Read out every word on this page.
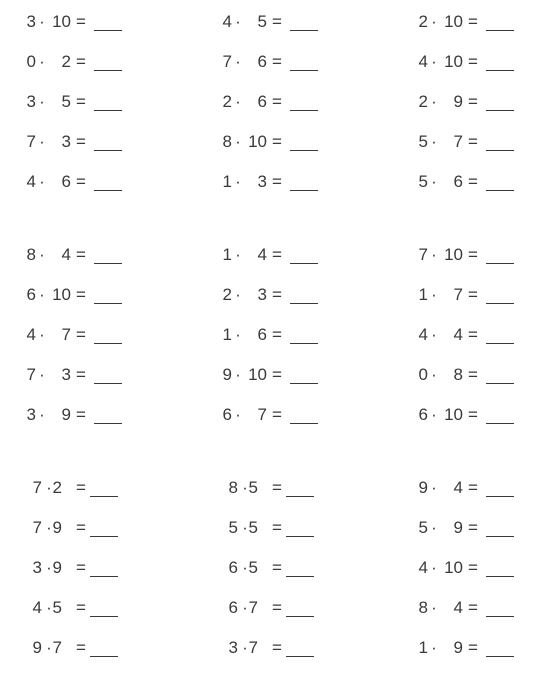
3 · 10 =
0 · 2 =
3 · 5 =
7 · 3 =
4 · 6 =
4 · 5 =
7 · 6 =
2 · 6 =
8 · 10 =
1 · 3 =
2 · 10 =
4 · 10 =
2 · 9 =
5 · 7 =
5 · 6 =
8 · 4 =
6 · 10 =
4 · 7 =
7 · 3 =
3 · 9 =
1 · 4 =
2 · 3 =
1 · 6 =
9 · 10 =
6 · 7 =
7 · 10 =
1 · 7 =
4 · 4 =
0 · 8 =
6 · 10 =
7 · 2 =
7 · 9 =
3 · 9 =
4 · 5 =
9 · 7 =
8 · 5 =
5 · 5 =
6 · 5 =
6 · 7 =
3 · 7 =
9 · 4 =
5 · 9 =
4 · 10 =
8 · 4 =
1 · 9 =
